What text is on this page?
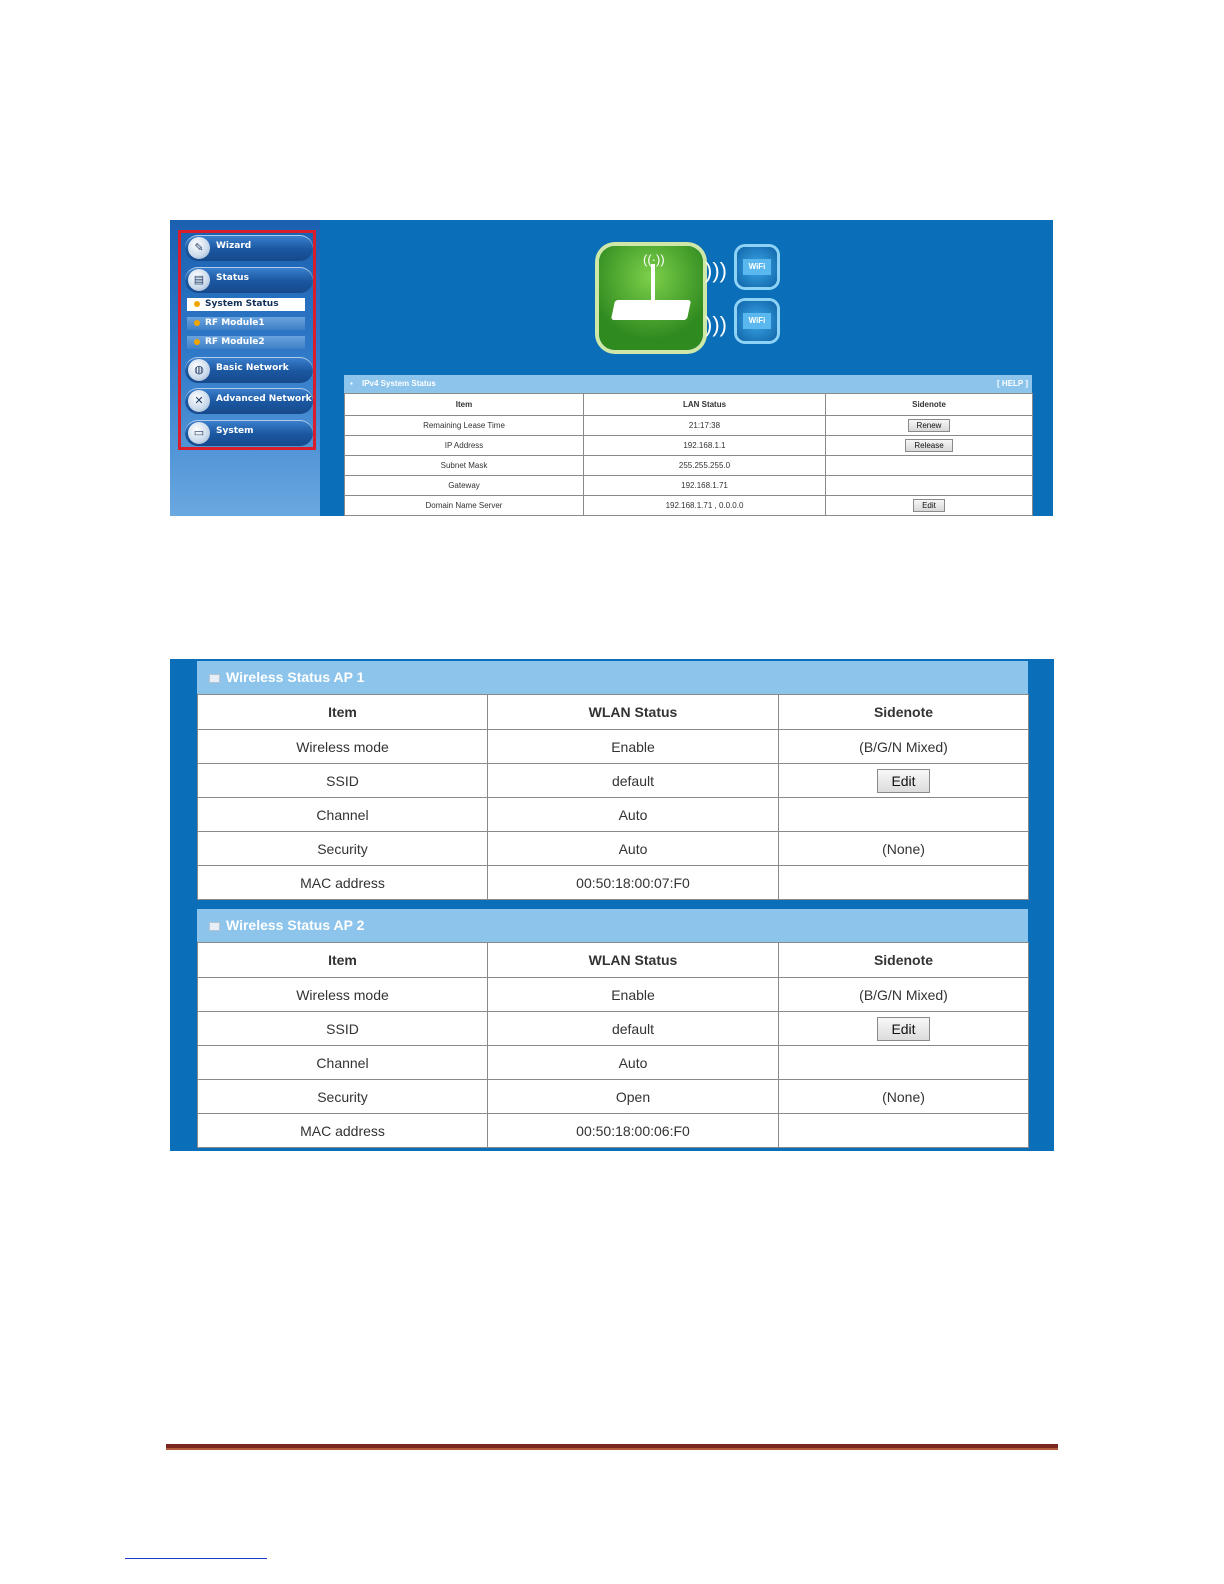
✎	Wizard
▤	Status
System Status
RF Module1
RF Module2
◍	Basic Network
✕	Advanced Network
▭	System
((·)) )))	WiFi
)))	WiFi
▪ IPv4 System Status	[ HELP ]
Item	LAN Status	Sidenote
Remaining Lease Time	21:17:38	Renew
IP Address	192.168.1.1	Release
Subnet Mask	255.255.255.0	
Gateway	192.168.1.71	
Domain Name Server	192.168.1.71 , 0.0.0.0	Edit
Wireless Status AP 1
Item	WLAN Status	Sidenote
Wireless mode	Enable	(B/G/N Mixed)
SSID	default	Edit
Channel	Auto	
Security	Auto	(None)
MAC address	00:50:18:00:07:F0	
Wireless Status AP 2
Item	WLAN Status	Sidenote
Wireless mode	Enable	(B/G/N Mixed)
SSID	default	Edit
Channel	Auto	
Security	Open	(None)
MAC address	00:50:18:00:06:F0	
